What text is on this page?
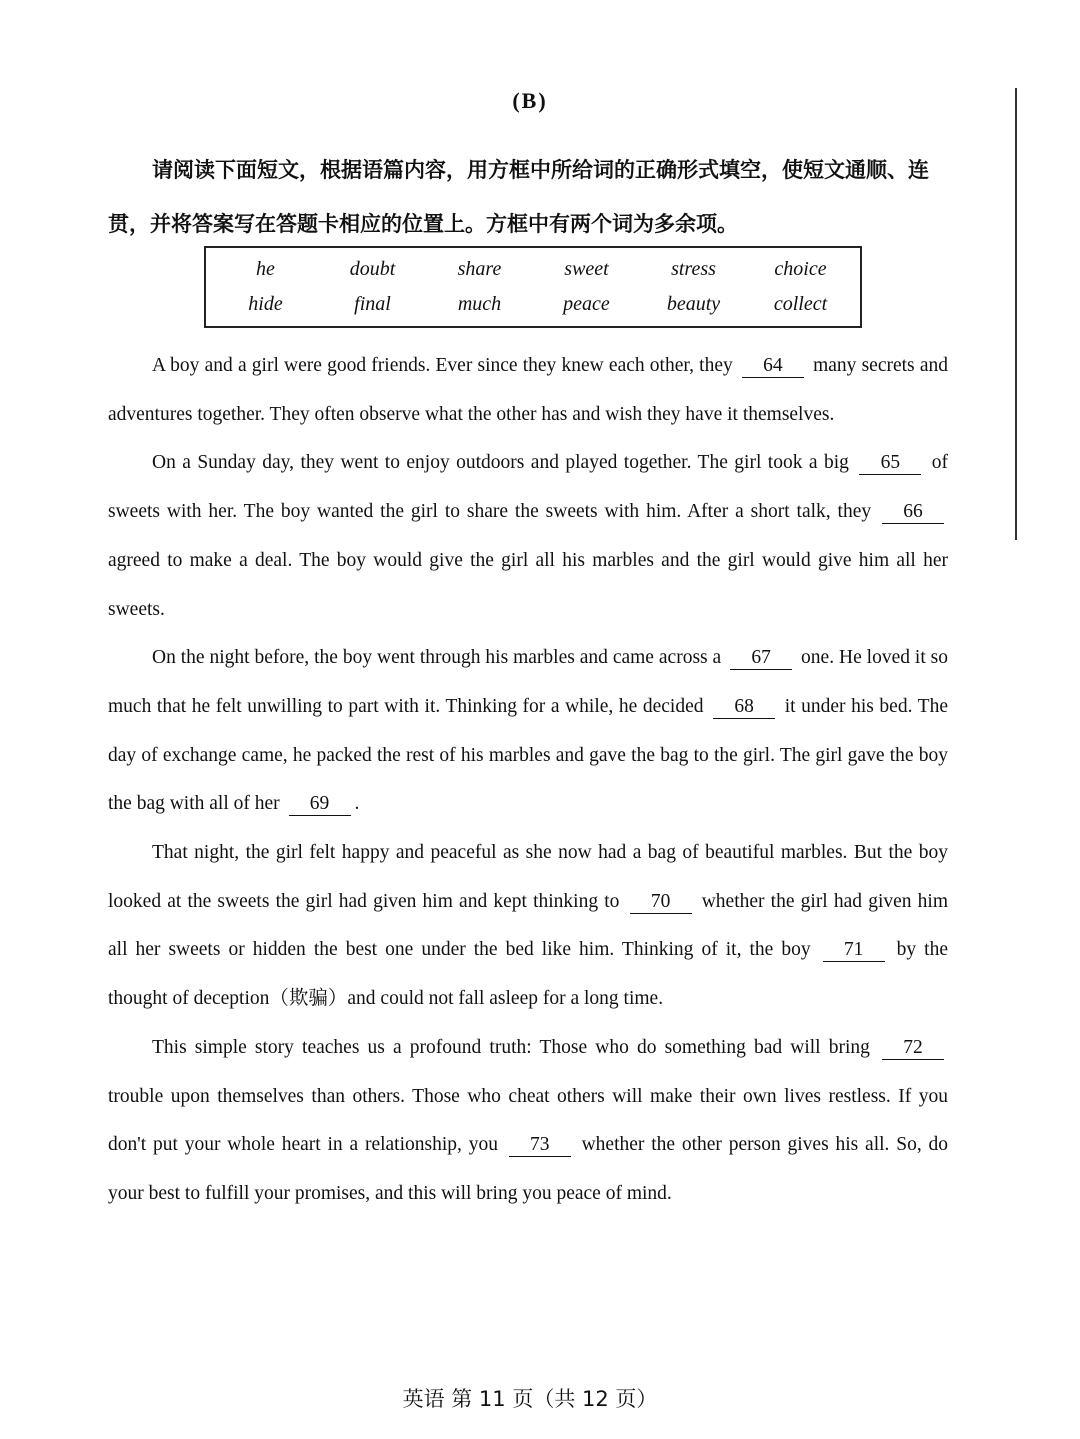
(B)
请阅读下面短文，根据语篇内容，用方框中所给词的正确形式填空，使短文通顺、连
贯，并将答案写在答题卡相应的位置上。方框中有两个词为多余项。
he	doubt	share	sweet	stress	choice
hide	final	much	peace	beauty	collect

A boy and a girl were good friends. Ever since they knew each other, they 64 many secrets and adventures together. They often observe what the other has and wish they have it themselves.

On a Sunday day, they went to enjoy outdoors and played together. The girl took a big 65 of sweets with her. The boy wanted the girl to share the sweets with him. After a short talk, they 66 agreed to make a deal. The boy would give the girl all his marbles and the girl would give him all her sweets.

On the night before, the boy went through his marbles and came across a 67 one. He loved it so much that he felt unwilling to part with it. Thinking for a while, he decided 68 it under his bed. The day of exchange came, he packed the rest of his marbles and gave the bag to the girl. The girl gave the boy the bag with all of her 69 .

That night, the girl felt happy and peaceful as she now had a bag of beautiful marbles. But the boy looked at the sweets the girl had given him and kept thinking to 70 whether the girl had given him all her sweets or hidden the best one under the bed like him. Thinking of it, the boy 71 by the thought of deception（欺骗）and could not fall asleep for a long time.

This simple story teaches us a profound truth: Those who do something bad will bring 72 trouble upon themselves than others. Those who cheat others will make their own lives restless. If you don't put your whole heart in a relationship, you 73 whether the other person gives his all. So, do your best to fulfill your promises, and this will bring you peace of mind.

英语 第 11 页（共 12 页）
